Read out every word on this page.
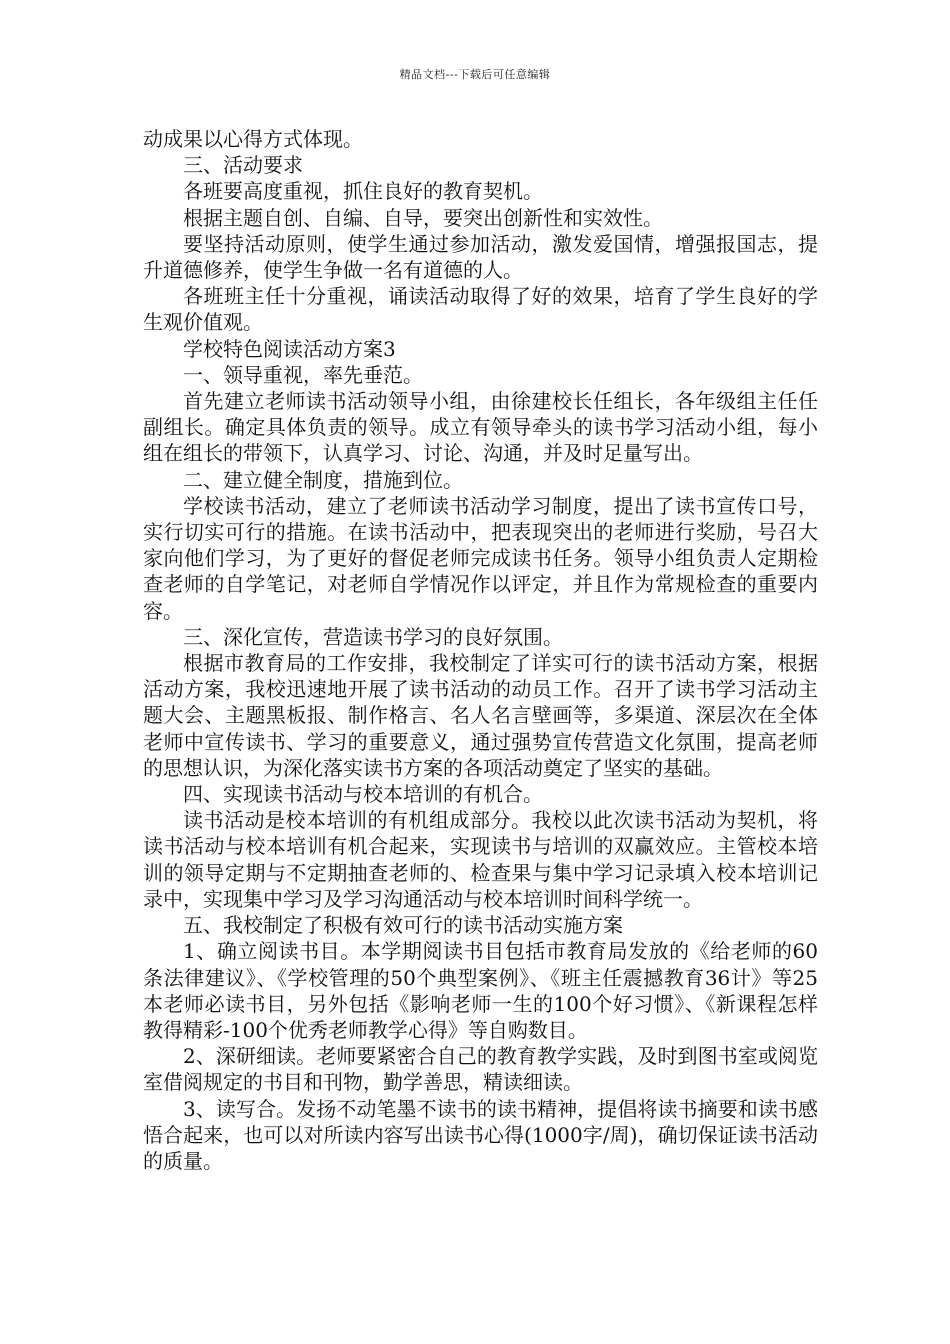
精品文档---下载后可任意编辑

动成果以心得方式体现。

三、活动要求

各班要高度重视，抓住良好的教育契机。

根据主题自创、自编、自导，要突出创新性和实效性。

要坚持活动原则，使学生通过参加活动，激发爱国情，增强报国志，提升道德修养，使学生争做一名有道德的人。

各班班主任十分重视，诵读活动取得了好的效果，培育了学生良好的学生观价值观。

学校特色阅读活动方案3

一、领导重视，率先垂范。

首先建立老师读书活动领导小组，由徐建校长任组长，各年级组主任任副组长。确定具体负责的领导。成立有领导牵头的读书学习活动小组，每小组在组长的带领下，认真学习、讨论、沟通，并及时足量写出。

二、建立健全制度，措施到位。

学校读书活动，建立了老师读书活动学习制度，提出了读书宣传口号，实行切实可行的措施。在读书活动中，把表现突出的老师进行奖励，号召大家向他们学习，为了更好的督促老师完成读书任务。领导小组负责人定期检查老师的自学笔记，对老师自学情况作以评定，并且作为常规检查的重要内容。

三、深化宣传，营造读书学习的良好氛围。

根据市教育局的工作安排，我校制定了详实可行的读书活动方案，根据活动方案，我校迅速地开展了读书活动的动员工作。召开了读书学习活动主题大会、主题黑板报、制作格言、名人名言壁画等，多渠道、深层次在全体老师中宣传读书、学习的重要意义，通过强势宣传营造文化氛围，提高老师的思想认识，为深化落实读书方案的各项活动奠定了坚实的基础。

四、实现读书活动与校本培训的有机合。

读书活动是校本培训的有机组成部分。我校以此次读书活动为契机，将读书活动与校本培训有机合起来，实现读书与培训的双赢效应。主管校本培训的领导定期与不定期抽查老师的、检查果与集中学习记录填入校本培训记录中，实现集中学习及学习沟通活动与校本培训时间科学统一。

五、我校制定了积极有效可行的读书活动实施方案

1、确立阅读书目。本学期阅读书目包括市教育局发放的《给老师的60条法律建议》、《学校管理的50个典型案例》、《班主任震撼教育36计》等25本老师必读书目，另外包括《影响老师一生的100个好习惯》、《新课程怎样教得精彩-100个优秀老师教学心得》等自购数目。

2、深研细读。老师要紧密合自己的教育教学实践，及时到图书室或阅览室借阅规定的书目和刊物，勤学善思，精读细读。

3、读写合。发扬不动笔墨不读书的读书精神，提倡将读书摘要和读书感悟合起来，也可以对所读内容写出读书心得(1000字/周)，确切保证读书活动的质量。
